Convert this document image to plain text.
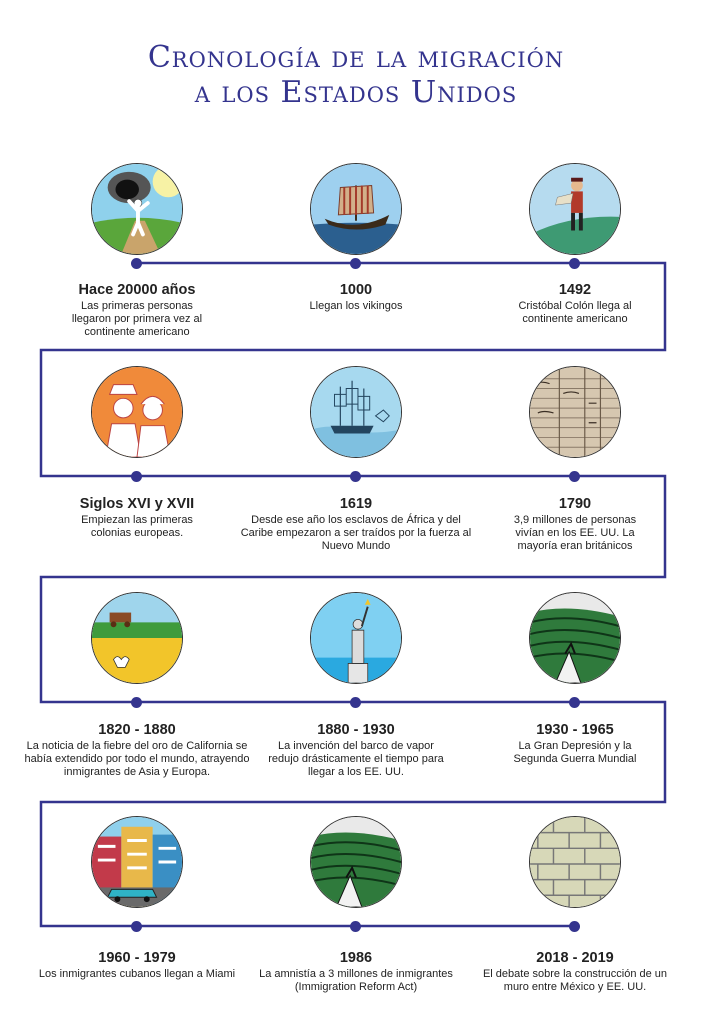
Cronología de la migración
a los Estados Unidos
Hace 20000 años
Las primeras personas llegaron por primera vez al continente americano
1000
Llegan los vikingos
1492
Cristóbal Colón llega al continente americano
Siglos XVI y XVII
Empiezan las primeras colonias europeas.
1619
Desde ese año los esclavos de África y del Caribe empezaron a ser traídos por la fuerza al Nuevo Mundo
1790
3,9 millones de personas vivían en los EE. UU. La mayoría eran británicos
1820 - 1880
La noticia de la fiebre del oro de California se había extendido por todo el mundo, atrayendo inmigrantes de Asia y Europa.
1880 - 1930
La invención del barco de vapor redujo drásticamente el tiempo para llegar a los EE. UU.
1930 - 1965
La Gran Depresión y la Segunda Guerra Mundial
1960 - 1979
Los inmigrantes cubanos llegan a Miami
1986
La amnistía a 3 millones de inmigrantes (Immigration Reform Act)
2018 - 2019
El debate sobre la construcción de un muro entre México y EE. UU.
